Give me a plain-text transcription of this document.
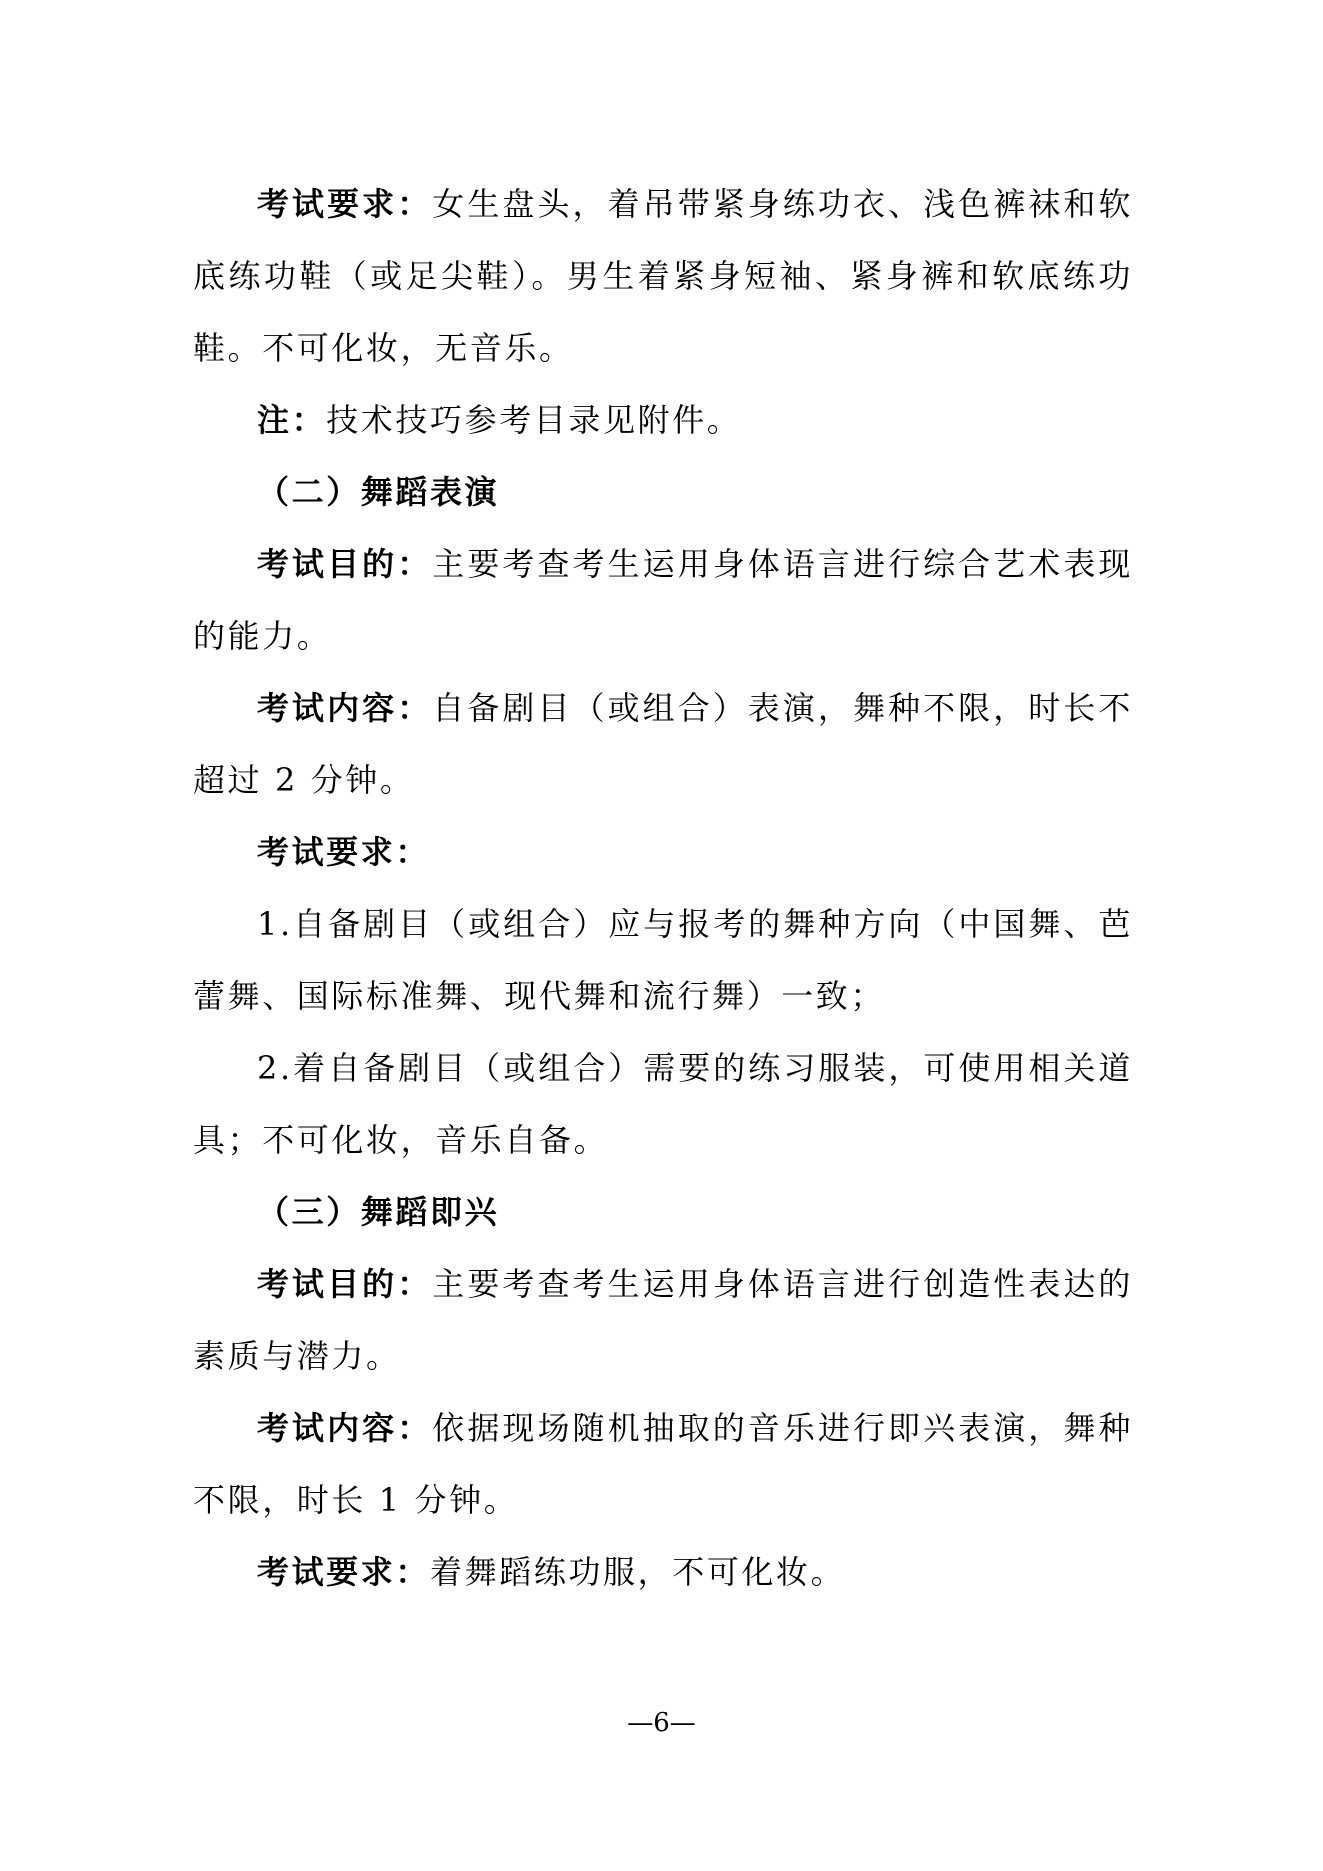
考试要求：女生盘头，着吊带紧身练功衣、浅色裤袜和软底练功鞋（或足尖鞋）。男生着紧身短袖、紧身裤和软底练功鞋。不可化妆，无音乐。

注：技术技巧参考目录见附件。

（二）舞蹈表演

考试目的：主要考查考生运用身体语言进行综合艺术表现的能力。

考试内容：自备剧目（或组合）表演，舞种不限，时长不超过 2 分钟。

考试要求：

1.自备剧目（或组合）应与报考的舞种方向（中国舞、芭蕾舞、国际标准舞、现代舞和流行舞）一致；

2.着自备剧目（或组合）需要的练习服装，可使用相关道具；不可化妆，音乐自备。

（三）舞蹈即兴

考试目的：主要考查考生运用身体语言进行创造性表达的素质与潜力。

考试内容：依据现场随机抽取的音乐进行即兴表演，舞种不限，时长 1 分钟。

考试要求：着舞蹈练功服，不可化妆。

—6—
